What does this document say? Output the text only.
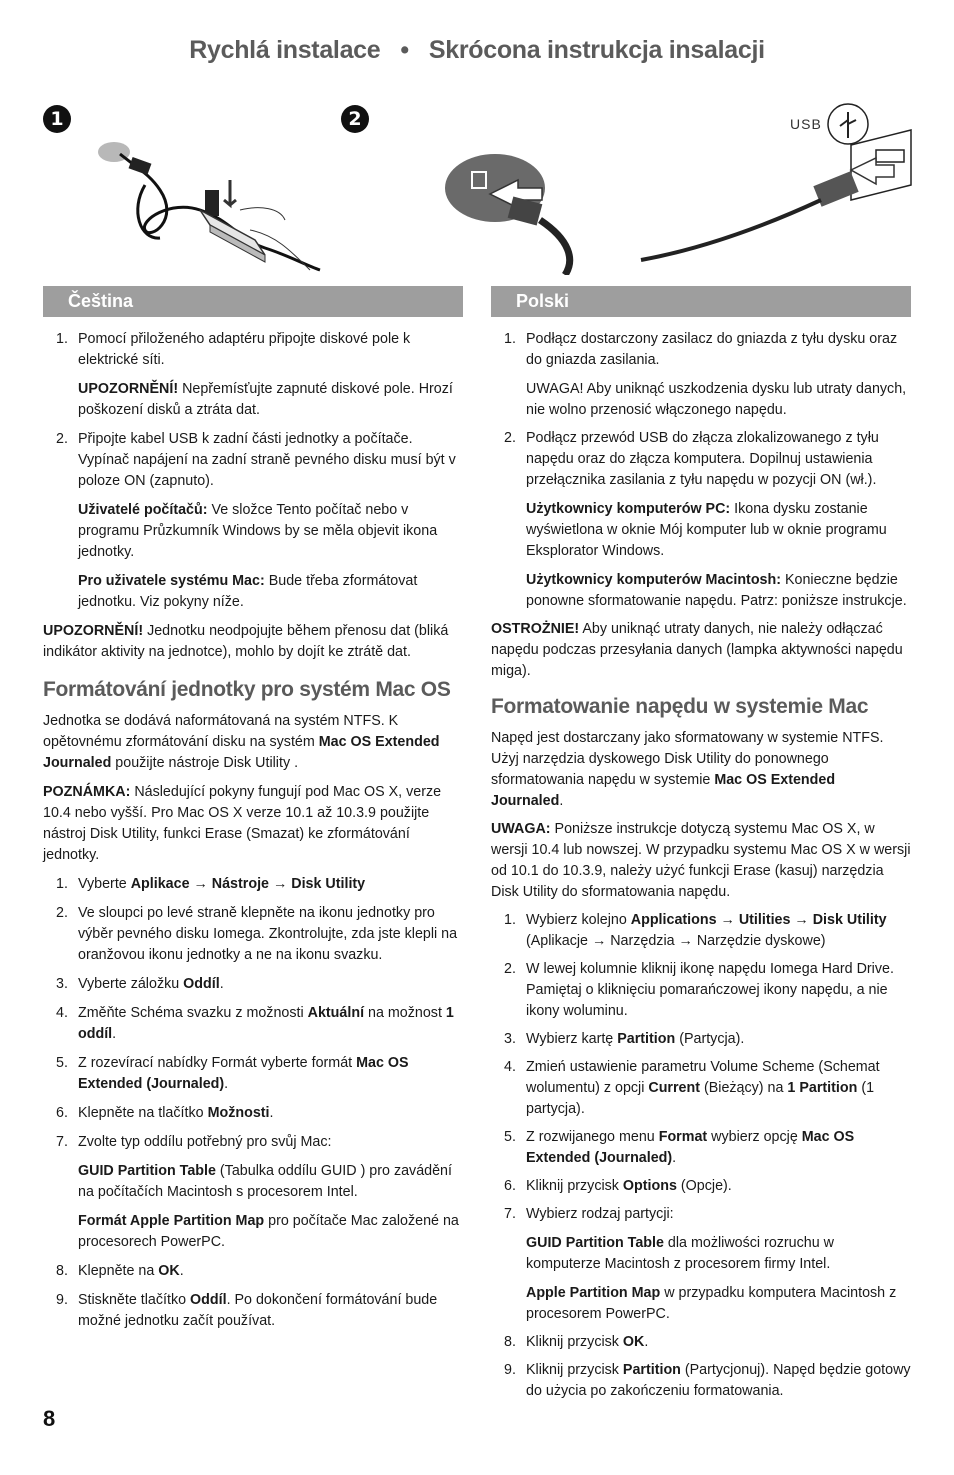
Rychlá instalace • Skrócona instrukcja insalacji
1	2	USB
Čeština
1. Pomocí přiloženého adaptéru připojte diskové pole k elektrické síti.
UPOZORNĚNÍ! Nepřemísťujte zapnuté diskové pole. Hrozí poškození disků a ztráta dat.
2. Připojte kabel USB k zadní části jednotky a počítače. Vypínač napájení na zadní straně pevného disku musí být v poloze ON (zapnuto).
Uživatelé počítačů: Ve složce Tento počítač nebo v programu Průzkumník Windows by se měla objevit ikona jednotky.
Pro uživatele systému Mac: Bude třeba zformátovat jednotku. Viz pokyny níže.

UPOZORNĚNÍ! Jednotku neodpojujte během přenosu dat (bliká indikátor aktivity na jednotce), mohlo by dojít ke ztrátě dat.

Formátování jednotky pro systém Mac OS

Jednotka se dodává naformátovaná na systém NTFS. K opětovnému zformátování disku na systém Mac OS Extended Journaled použijte nástroje Disk Utility .

POZNÁMKA: Následující pokyny fungují pod Mac OS X, verze 10.4 nebo vyšší. Pro Mac OS X verze 10.1 až 10.3.9 použijte nástroj Disk Utility, funkci Erase (Smazat) ke zformátování jednotky.

1. Vyberte Aplikace → Nástroje → Disk Utility
2. Ve sloupci po levé straně klepněte na ikonu jednotky pro výběr pevného disku Iomega. Zkontrolujte, zda jste klepli na oranžovou ikonu jednotky a ne na ikonu svazku.
3. Vyberte záložku Oddíl.
4. Změňte Schéma svazku z možnosti Aktuální na možnost 1 oddíl.
5. Z rozevírací nabídky Formát vyberte formát Mac OS Extended (Journaled).
6. Klepněte na tlačítko Možnosti.
7. Zvolte typ oddílu potřebný pro svůj Mac:
GUID Partition Table (Tabulka oddílu GUID ) pro zavádění na počítačích Macintosh s procesorem Intel.
Formát Apple Partition Map pro počítače Mac založené na procesorech PowerPC.
8. Klepněte na OK.
9. Stiskněte tlačítko Oddíl. Po dokončení formátování bude možné jednotku začít používat.
Polski
1. Podłącz dostarczony zasilacz do gniazda z tyłu dysku oraz do gniazda zasilania.
UWAGA! Aby uniknąć uszkodzenia dysku lub utraty danych, nie wolno przenosić włączonego napędu.
2. Podłącz przewód USB do złącza zlokalizowanego z tyłu napędu oraz do złącza komputera. Dopilnuj ustawienia przełącznika zasilania z tyłu napędu w pozycji ON (wł.).
Użytkownicy komputerów PC: Ikona dysku zostanie wyświetlona w oknie Mój komputer lub w oknie programu Eksplorator Windows.
Użytkownicy komputerów Macintosh: Konieczne będzie ponowne sformatowanie napędu. Patrz: poniższe instrukcje.

OSTROŻNIE! Aby uniknąć utraty danych, nie należy odłączać napędu podczas przesyłania danych (lampka aktywności napędu miga).

Formatowanie napędu w systemie Mac

Napęd jest dostarczany jako sformatowany w systemie NTFS. Użyj narzędzia dyskowego Disk Utility do ponownego sformatowania napędu w systemie Mac OS Extended Journaled.

UWAGA: Poniższe instrukcje dotyczą systemu Mac OS X, w wersji 10.4 lub nowszej. W przypadku systemu Mac OS X w wersji od 10.1 do 10.3.9, należy użyć funkcji Erase (kasuj) narzędzia Disk Utility do sformatowania napędu.

1. Wybierz kolejno Applications → Utilities → Disk Utility (Aplikacje → Narzędzia → Narzędzie dyskowe)
2. W lewej kolumnie kliknij ikonę napędu Iomega Hard Drive. Pamiętaj o kliknięciu pomarańczowej ikony napędu, a nie ikony woluminu.
3. Wybierz kartę Partition (Partycja).
4. Zmień ustawienie parametru Volume Scheme (Schemat wolumentu) z opcji Current (Bieżący) na 1 Partition (1 partycja).
5. Z rozwijanego menu Format wybierz opcję Mac OS Extended (Journaled).
6. Kliknij przycisk Options (Opcje).
7. Wybierz rodzaj partycji:
GUID Partition Table dla możliwości rozruchu w komputerze Macintosh z procesorem firmy Intel.
Apple Partition Map w przypadku komputera Macintosh z procesorem PowerPC.
8. Kliknij przycisk OK.
9. Kliknij przycisk Partition (Partycjonuj). Napęd będzie gotowy do użycia po zakończeniu formatowania.
8
